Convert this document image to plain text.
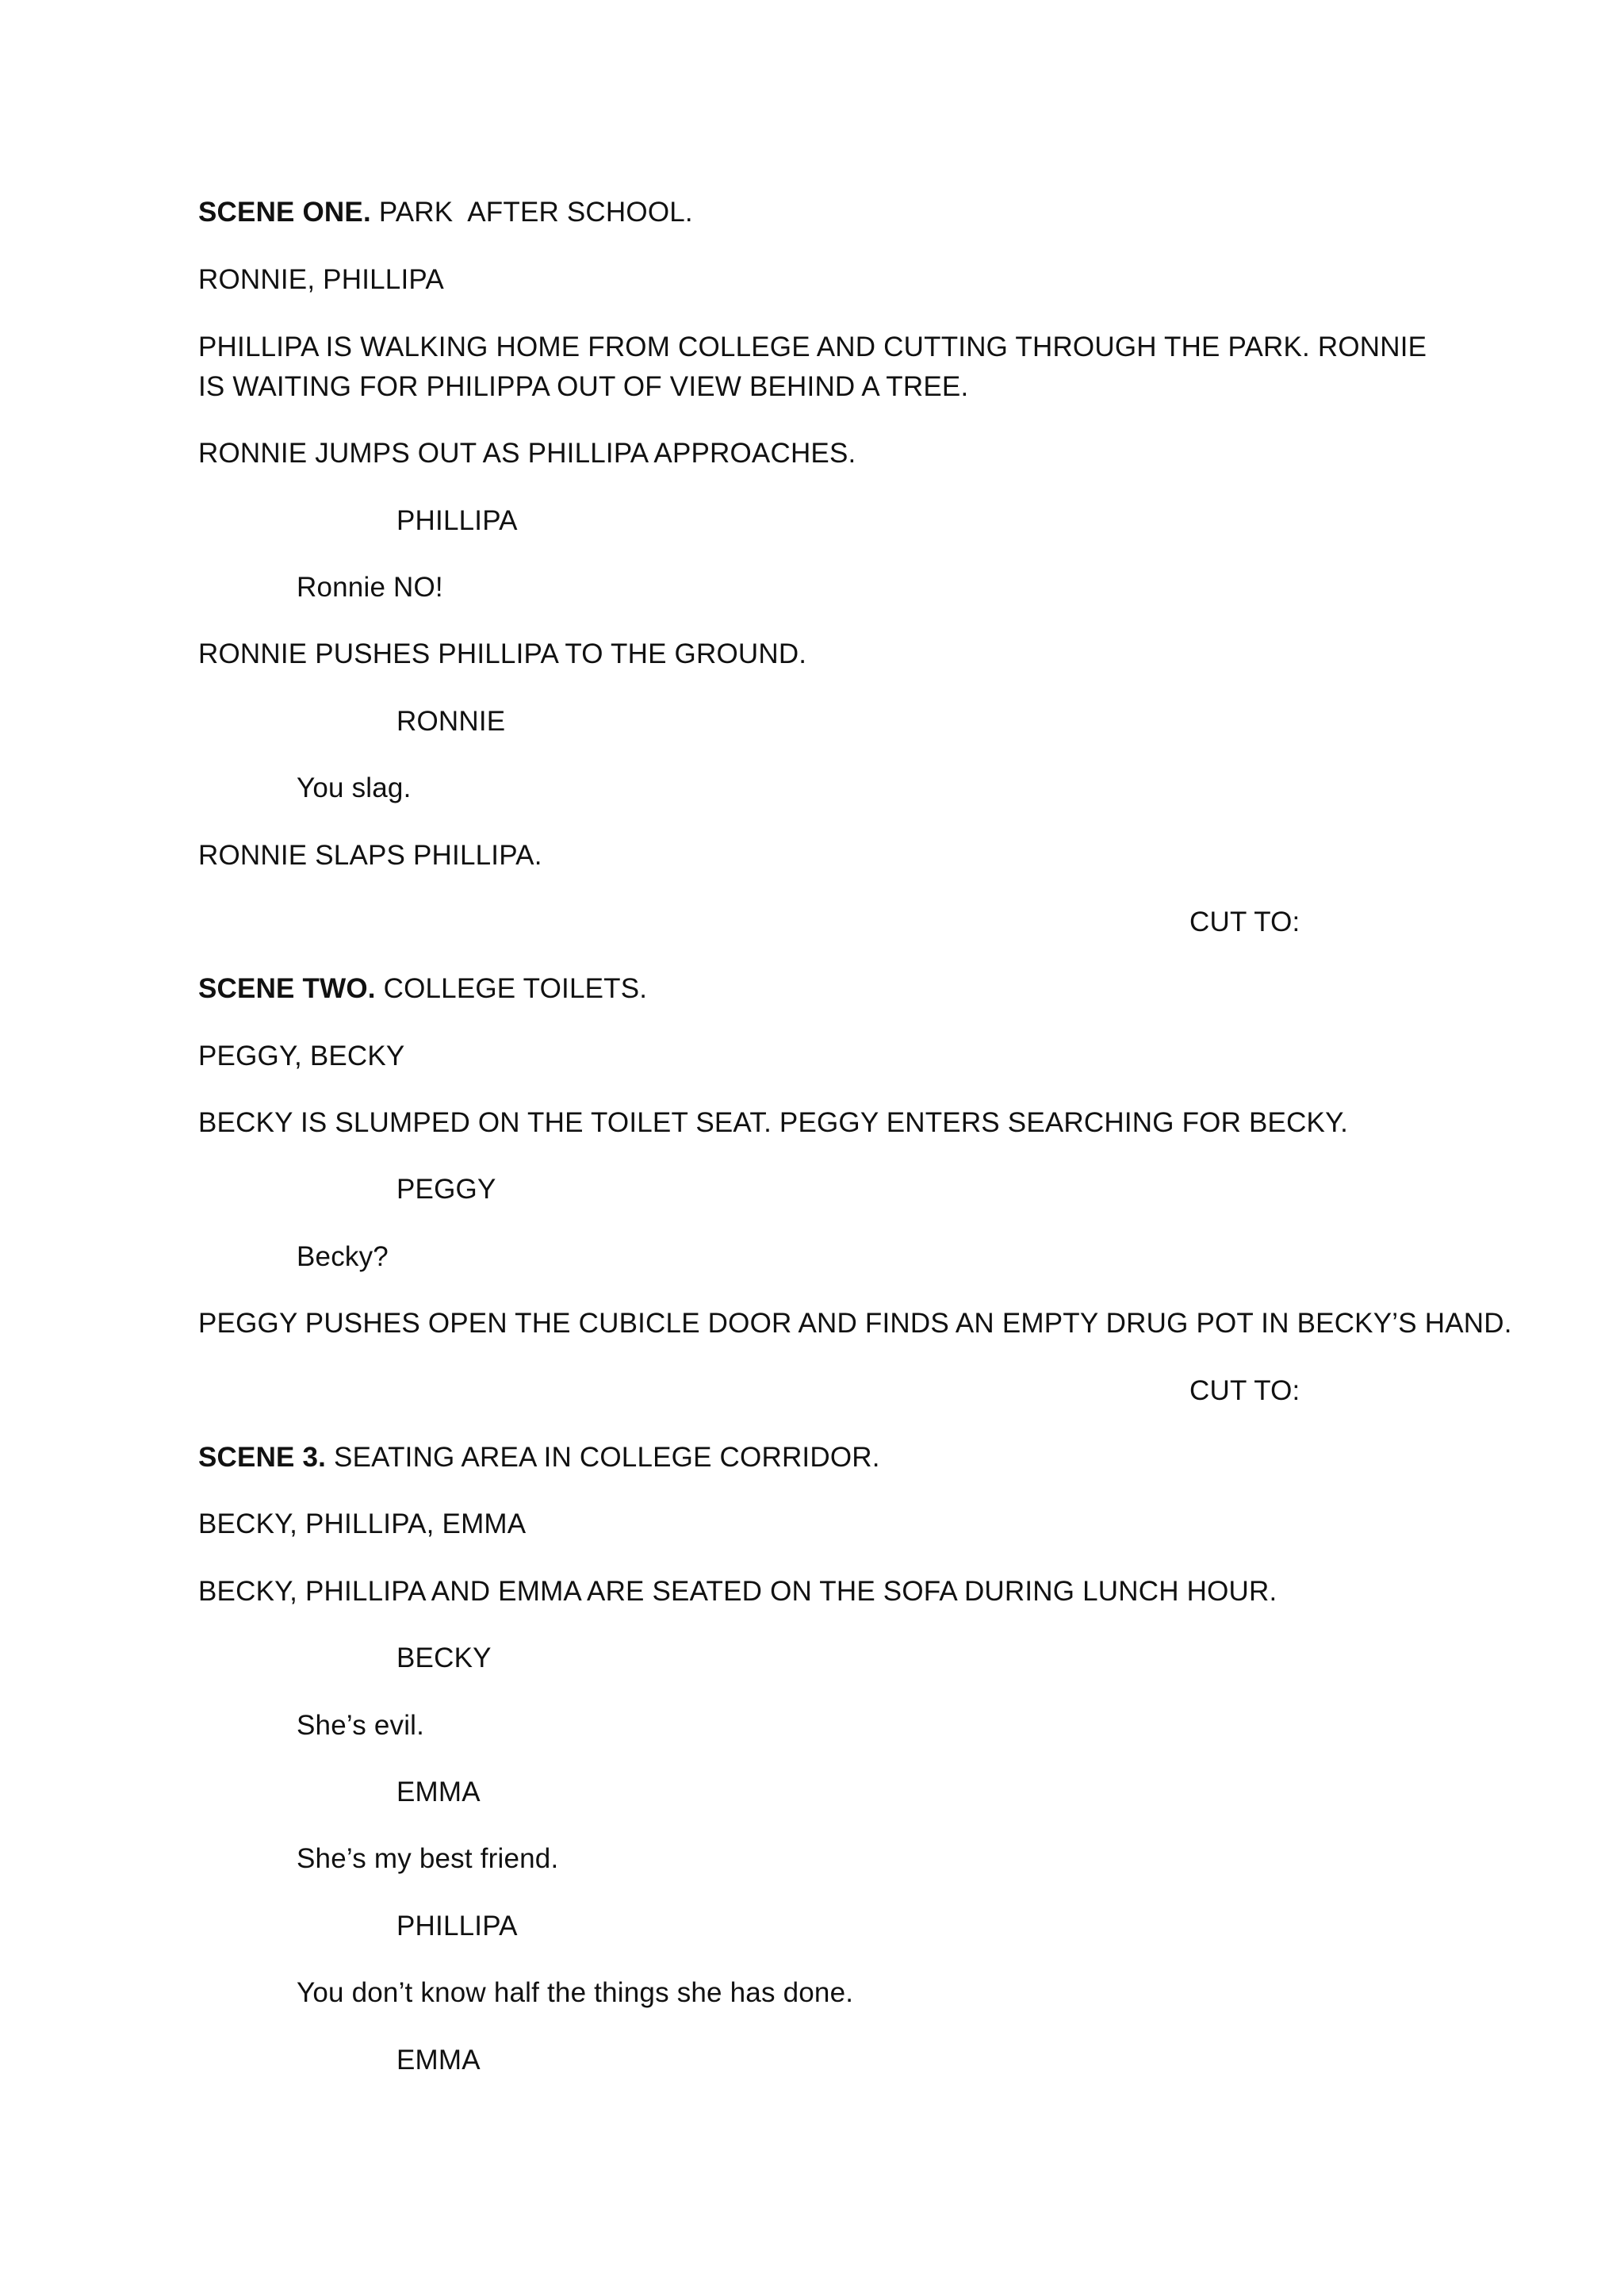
SCENE ONE. PARK  AFTER SCHOOL.
RONNIE, PHILLIPA
PHILLIPA IS WALKING HOME FROM COLLEGE AND CUTTING THROUGH THE PARK. RONNIE IS WAITING FOR PHILIPPA OUT OF VIEW BEHIND A TREE.
RONNIE JUMPS OUT AS PHILLIPA APPROACHES.
PHILLIPA
Ronnie NO!
RONNIE PUSHES PHILLIPA TO THE GROUND.
RONNIE
You slag.
RONNIE SLAPS PHILLIPA.
CUT TO:
SCENE TWO. COLLEGE TOILETS.
PEGGY, BECKY
BECKY IS SLUMPED ON THE TOILET SEAT. PEGGY ENTERS SEARCHING FOR BECKY.
PEGGY
Becky?
PEGGY PUSHES OPEN THE CUBICLE DOOR AND FINDS AN EMPTY DRUG POT IN BECKY’S HAND.
CUT TO:
SCENE 3. SEATING AREA IN COLLEGE CORRIDOR.
BECKY, PHILLIPA, EMMA
BECKY, PHILLIPA AND EMMA ARE SEATED ON THE SOFA DURING LUNCH HOUR.
BECKY
She’s evil.
EMMA
She’s my best friend.
PHILLIPA
You don’t know half the things she has done.
EMMA
